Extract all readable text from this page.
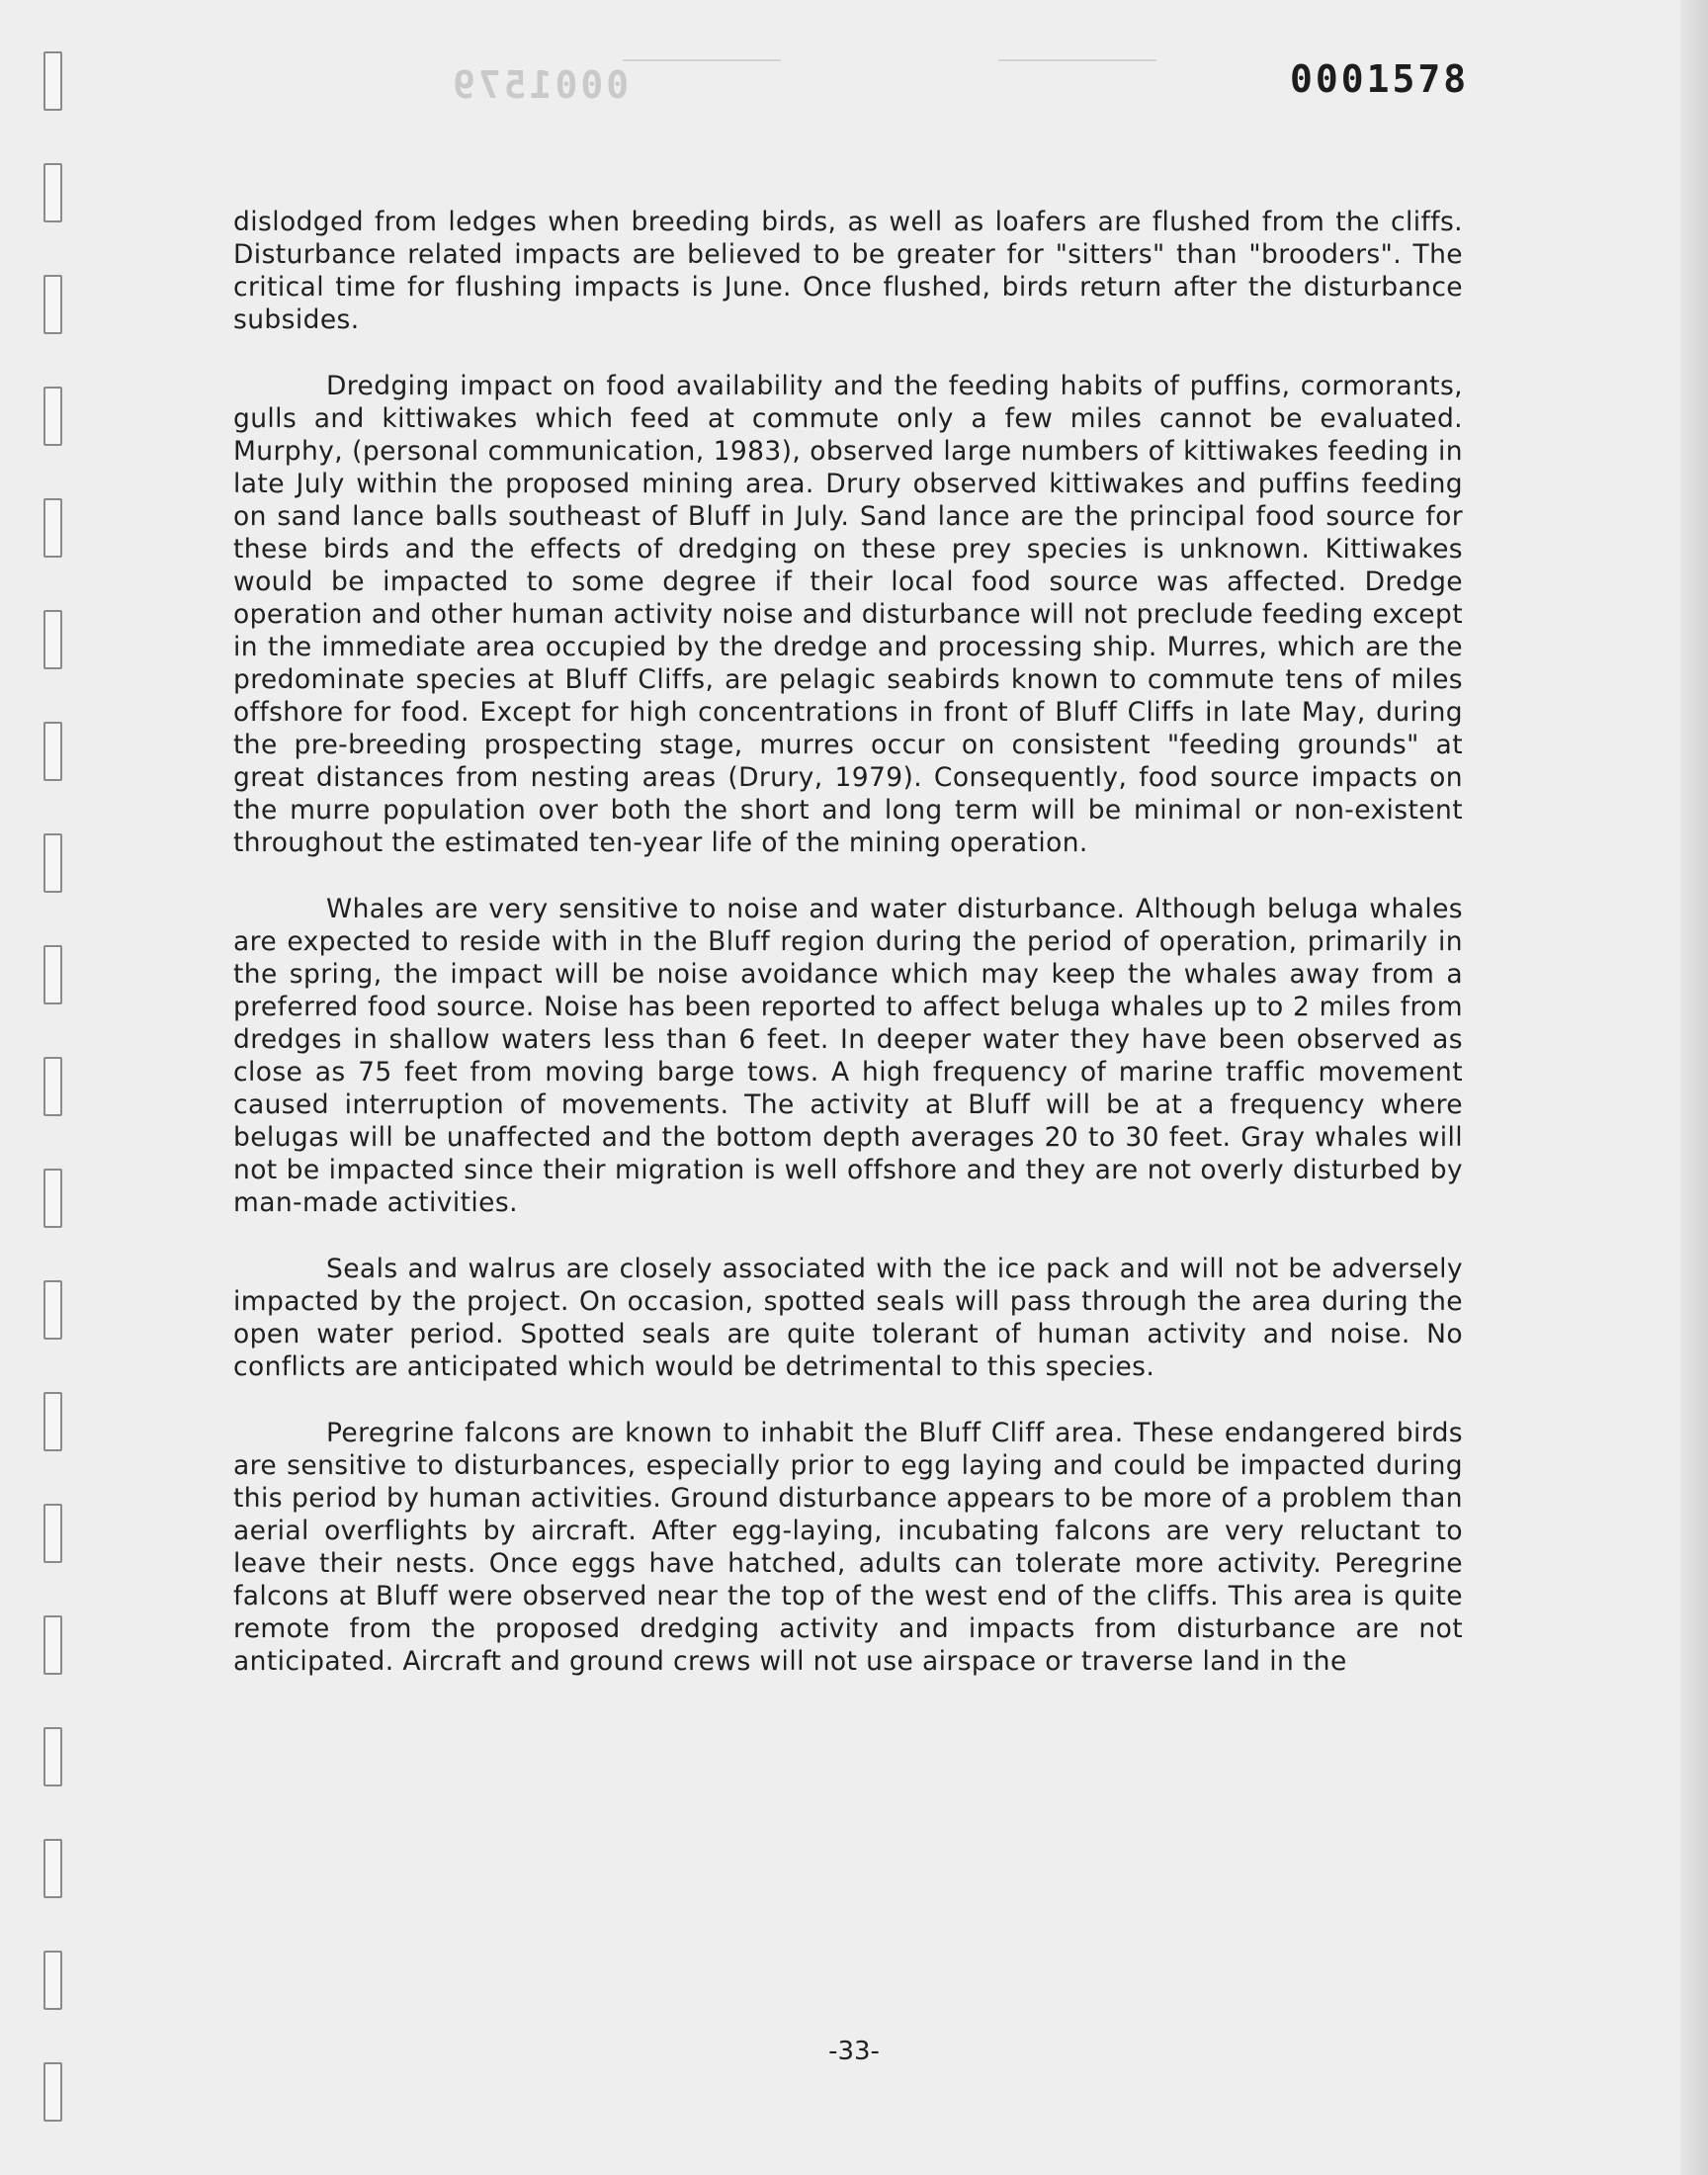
0001579	0001578

dislodged from ledges when breeding birds, as well as loafers are flushed from the cliffs. Disturbance related impacts are believed to be greater for "sitters" than "brooders". The critical time for flushing impacts is June. Once flushed, birds return after the disturbance subsides.

Dredging impact on food availability and the feeding habits of puffins, cormorants, gulls and kittiwakes which feed at commute only a few miles cannot be evaluated. Murphy, (personal communication, 1983), observed large numbers of kittiwakes feeding in late July within the proposed mining area. Drury observed kittiwakes and puffins feeding on sand lance balls southeast of Bluff in July. Sand lance are the principal food source for these birds and the effects of dredging on these prey species is unknown. Kittiwakes would be impacted to some degree if their local food source was affected. Dredge operation and other human activity noise and disturbance will not preclude feeding except in the immediate area occupied by the dredge and processing ship. Murres, which are the predominate species at Bluff Cliffs, are pelagic seabirds known to commute tens of miles offshore for food. Except for high concentrations in front of Bluff Cliffs in late May, during the pre-breeding prospecting stage, murres occur on consistent "feeding grounds" at great distances from nesting areas (Drury, 1979). Consequently, food source impacts on the murre population over both the short and long term will be minimal or non-existent throughout the estimated ten-year life of the mining operation.

Whales are very sensitive to noise and water disturbance. Although beluga whales are expected to reside with in the Bluff region during the period of operation, primarily in the spring, the impact will be noise avoidance which may keep the whales away from a preferred food source. Noise has been reported to affect beluga whales up to 2 miles from dredges in shallow waters less than 6 feet. In deeper water they have been observed as close as 75 feet from moving barge tows. A high frequency of marine traffic movement caused interruption of movements. The activity at Bluff will be at a frequency where belugas will be unaffected and the bottom depth averages 20 to 30 feet. Gray whales will not be impacted since their migration is well offshore and they are not overly disturbed by man-made activities.

Seals and walrus are closely associated with the ice pack and will not be adversely impacted by the project. On occasion, spotted seals will pass through the area during the open water period. Spotted seals are quite tolerant of human activity and noise. No conflicts are anticipated which would be detrimental to this species.

Peregrine falcons are known to inhabit the Bluff Cliff area. These endangered birds are sensitive to disturbances, especially prior to egg laying and could be impacted during this period by human activities. Ground disturbance appears to be more of a problem than aerial overflights by aircraft. After egg-laying, incubating falcons are very reluctant to leave their nests. Once eggs have hatched, adults can tolerate more activity. Peregrine falcons at Bluff were observed near the top of the west end of the cliffs. This area is quite remote from the proposed dredging activity and impacts from disturbance are not anticipated. Aircraft and ground crews will not use airspace or traverse land in the

-33-
